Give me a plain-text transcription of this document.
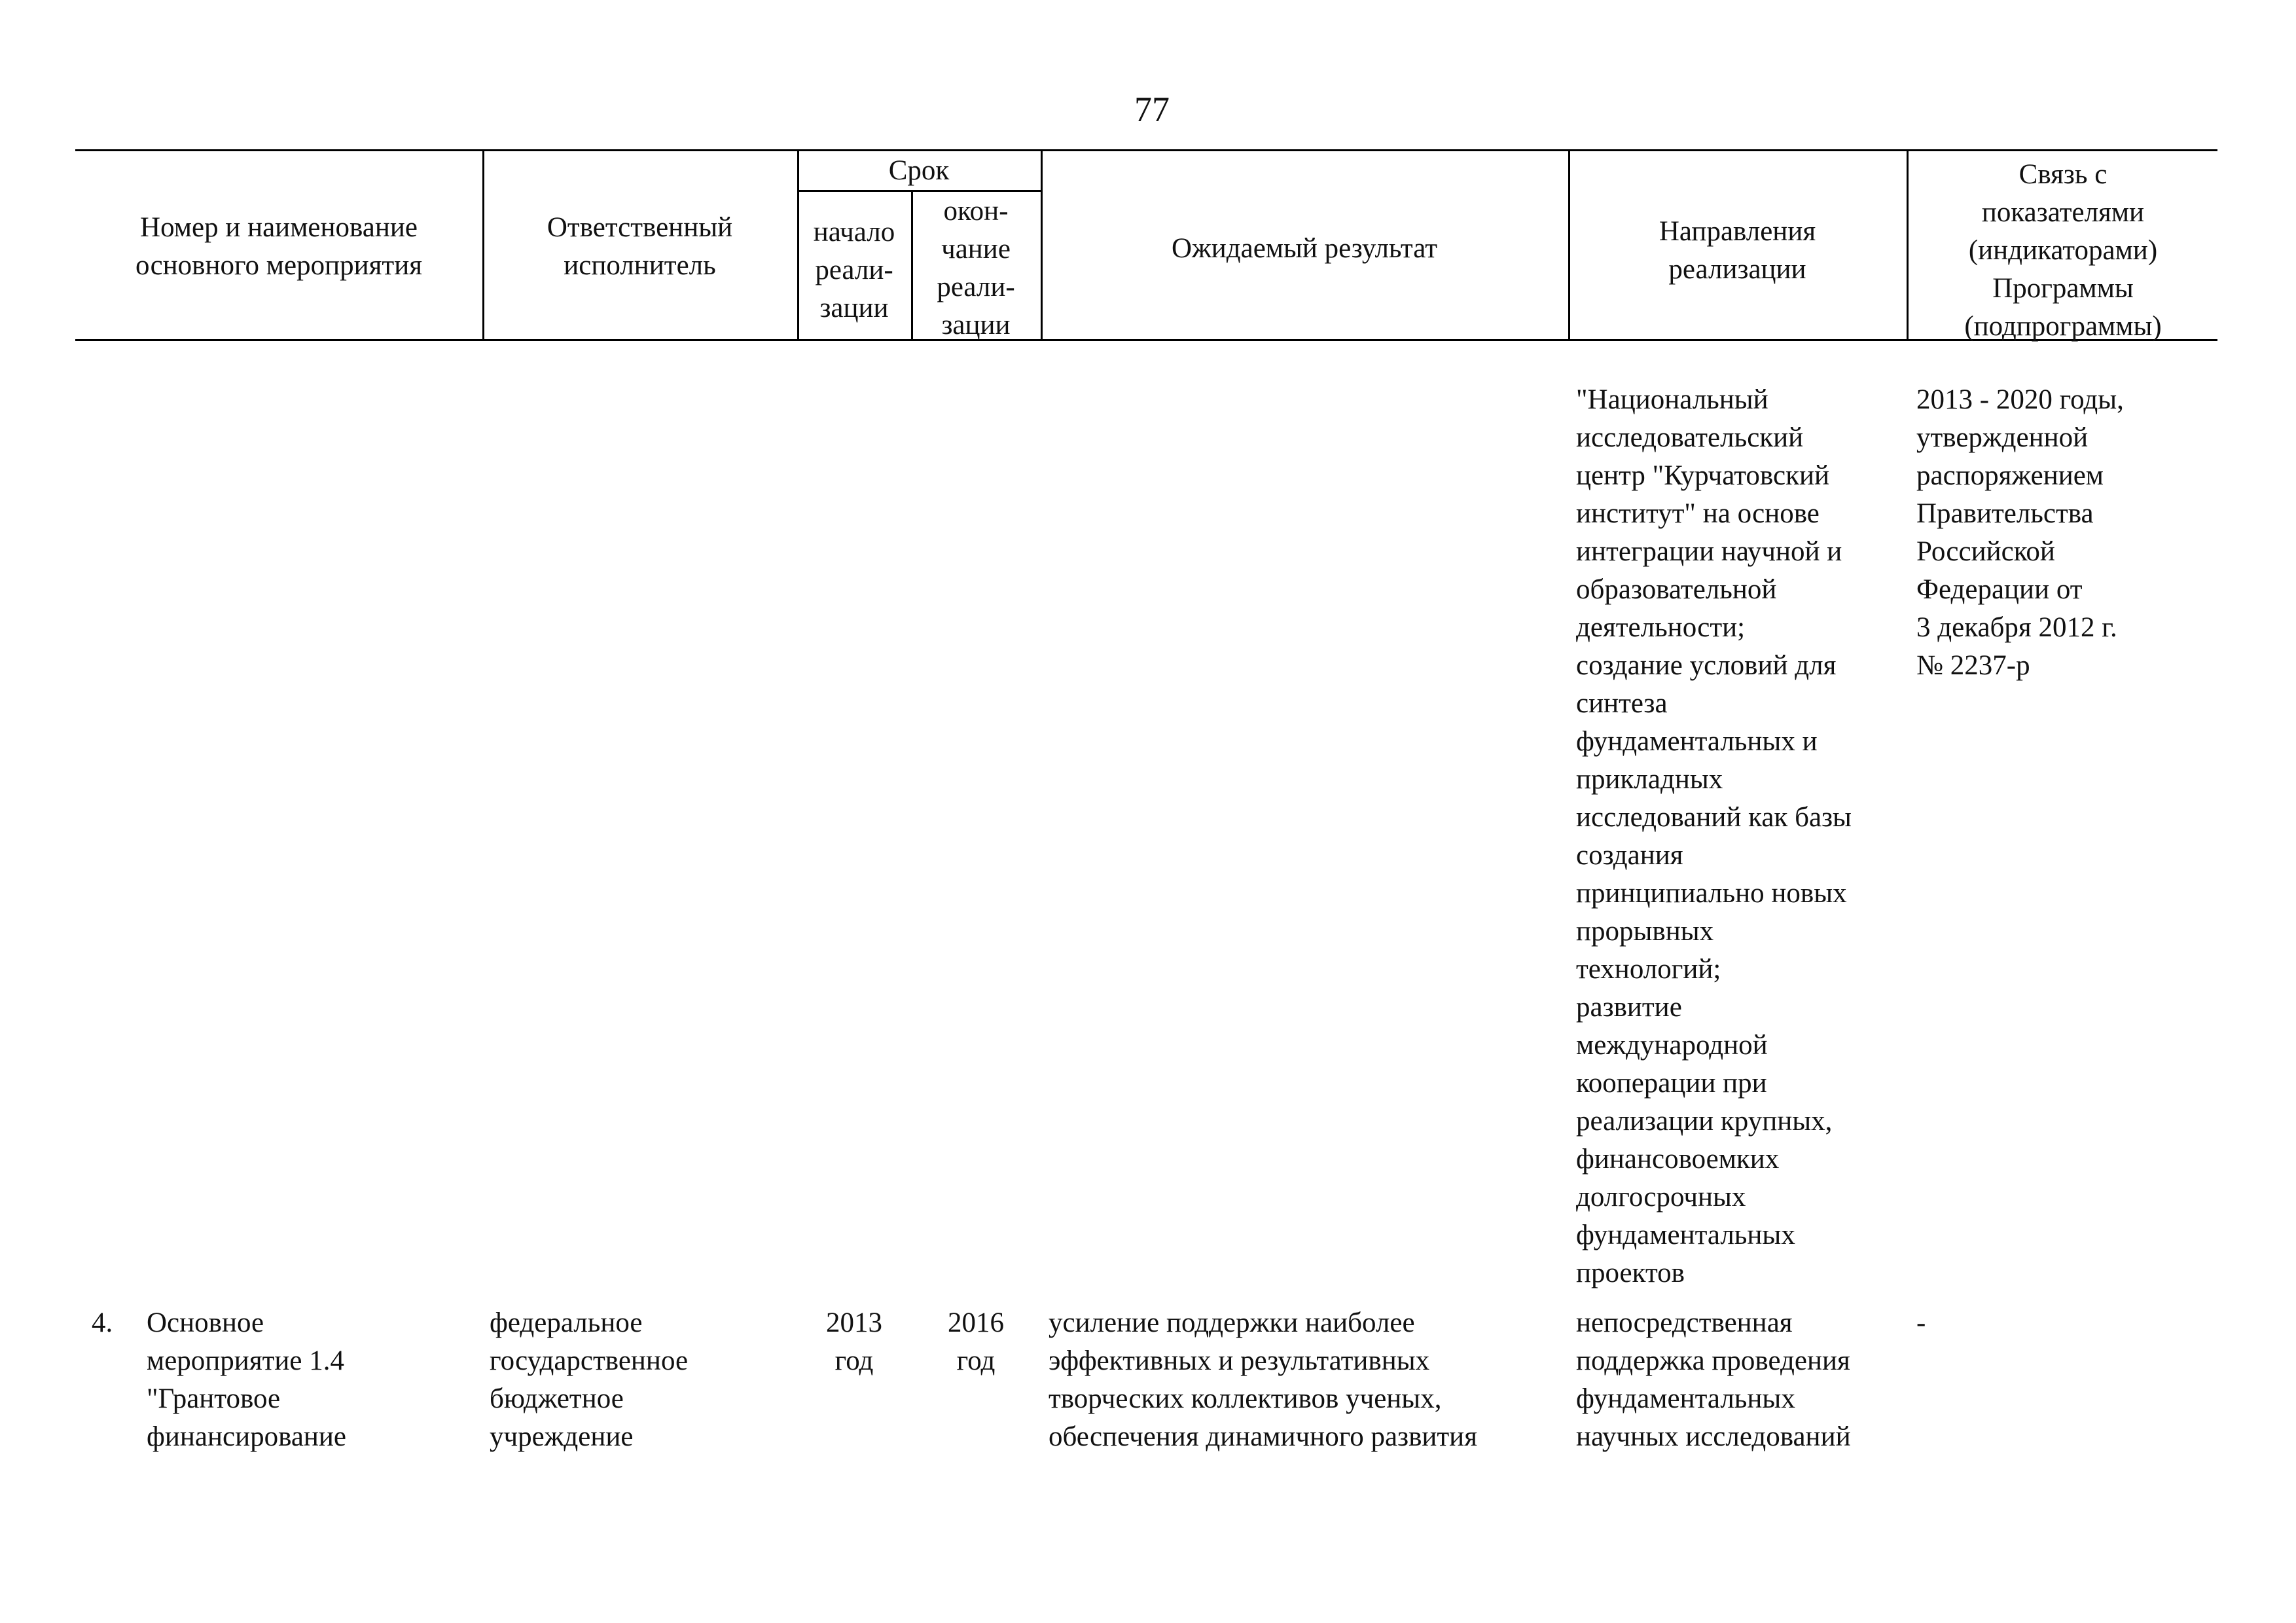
77
Номер и наименование
основного мероприятия
Ответственный
исполнитель
Срок
начало
реали-
зации
окон-
чание
реали-
зации
Ожидаемый результат
Направления
реализации
Связь с
показателями
(индикаторами)
Программы
(подпрограммы)
"Национальный
исследовательский
центр "Курчатовский
институт" на основе
интеграции научной и
образовательной
деятельности;
создание условий для
синтеза
фундаментальных и
прикладных
исследований как базы
создания
принципиально новых
прорывных
технологий;
развитие
международной
кооперации при
реализации крупных,
финансовоемких
долгосрочных
фундаментальных
проектов
2013 - 2020 годы,
утвержденной
распоряжением
Правительства
Российской
Федерации от
3 декабря 2012 г.
№ 2237-р
4.	Основное
мероприятие 1.4
"Грантовое
финансирование
федеральное
государственное
бюджетное
учреждение
2013
год
2016
год
усиление поддержки наиболее
эффективных и результативных
творческих коллективов ученых,
обеспечения динамичного развития
непосредственная
поддержка проведения
фундаментальных
научных исследований
-
